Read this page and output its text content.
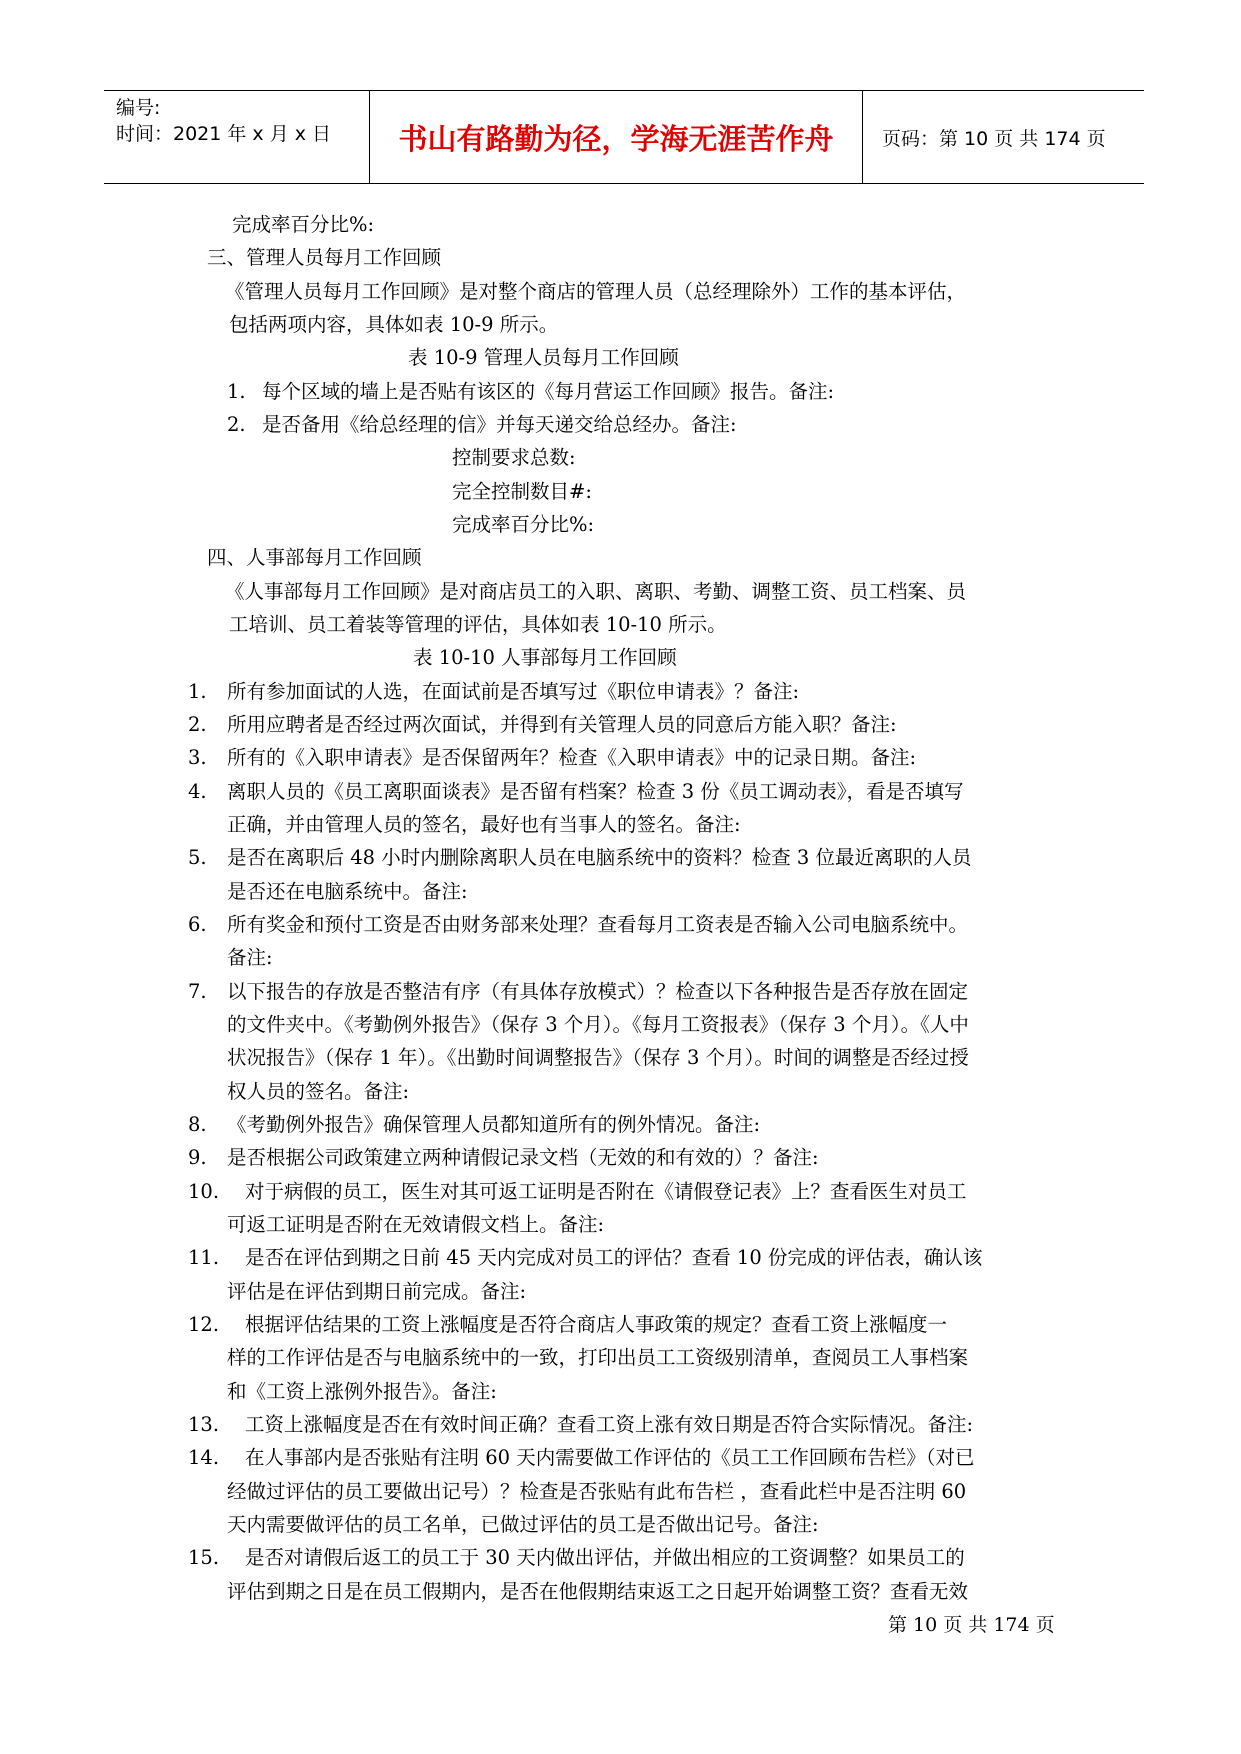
编号:
时间：2021 年 x 月 x 日	书山有路勤为径，学海无涯苦作舟	页码：第 10 页 共 174 页
完成率百分比%:
三、管理人员每月工作回顾
《管理人员每月工作回顾》是对整个商店的管理人员（总经理除外）工作的基本评估，
包括两项内容，具体如表 10-9 所示。
表 10-9 管理人员每月工作回顾
1. 每个区域的墙上是否贴有该区的《每月营运工作回顾》报告。备注:
2. 是否备用《给总经理的信》并每天递交给总经办。备注:
控制要求总数:
完全控制数目#:
完成率百分比%:
四、人事部每月工作回顾
《人事部每月工作回顾》是对商店员工的入职、离职、考勤、调整工资、员工档案、员
工培训、员工着装等管理的评估，具体如表 10-10 所示。
表 10-10 人事部每月工作回顾
1. 所有参加面试的人选，在面试前是否填写过《职位申请表》？备注:
2. 所用应聘者是否经过两次面试，并得到有关管理人员的同意后方能入职？备注:
3. 所有的《入职申请表》是否保留两年？检查《入职申请表》中的记录日期。备注:
4. 离职人员的《员工离职面谈表》是否留有档案？检查 3 份《员工调动表》，看是否填写
正确，并由管理人员的签名，最好也有当事人的签名。备注:
5. 是否在离职后 48 小时内删除离职人员在电脑系统中的资料？检查 3 位最近离职的人员
是否还在电脑系统中。备注:
6. 所有奖金和预付工资是否由财务部来处理？查看每月工资表是否输入公司电脑系统中。
备注:
7. 以下报告的存放是否整洁有序（有具体存放模式）？检查以下各种报告是否存放在固定
的文件夹中。《考勤例外报告》（保存 3 个月）。《每月工资报表》（保存 3 个月）。《人中
状况报告》（保存 1 年）。《出勤时间调整报告》（保存 3 个月）。时间的调整是否经过授
权人员的签名。备注:
8. 《考勤例外报告》确保管理人员都知道所有的例外情况。备注:
9. 是否根据公司政策建立两种请假记录文档（无效的和有效的）？备注:
10. 对于病假的员工，医生对其可返工证明是否附在《请假登记表》上？查看医生对员工
可返工证明是否附在无效请假文档上。备注:
11. 是否在评估到期之日前 45 天内完成对员工的评估？查看 10 份完成的评估表，确认该
评估是在评估到期日前完成。备注:
12. 根据评估结果的工资上涨幅度是否符合商店人事政策的规定？查看工资上涨幅度一
样的工作评估是否与电脑系统中的一致，打印出员工工资级别清单，查阅员工人事档案
和《工资上涨例外报告》。备注:
13. 工资上涨幅度是否在有效时间正确？查看工资上涨有效日期是否符合实际情况。备注:
14. 在人事部内是否张贴有注明 60 天内需要做工作评估的《员工工作回顾布告栏》（对已
经做过评估的员工要做出记号）？检查是否张贴有此布告栏 ，查看此栏中是否注明 60
天内需要做评估的员工名单，已做过评估的员工是否做出记号。备注:
15. 是否对请假后返工的员工于 30 天内做出评估，并做出相应的工资调整？如果员工的
评估到期之日是在员工假期内，是否在他假期结束返工之日起开始调整工资？查看无效
第 10 页 共 174 页
